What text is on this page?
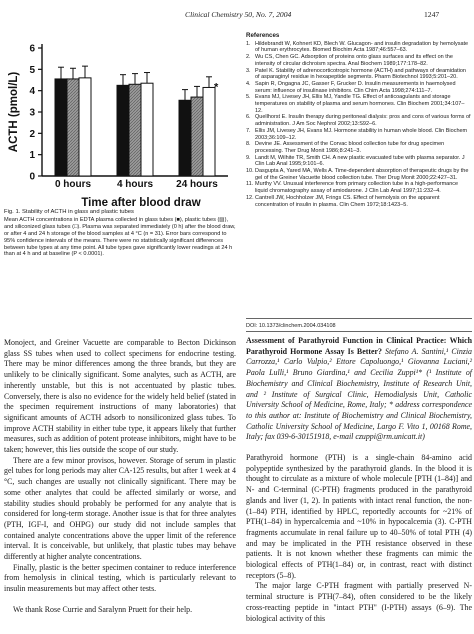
Clinical Chemistry 50, No. 7, 2004	1247
0
1
2
3
4
5
6
ACTH (pmol/L)
0 hours	4 hours 24 hours
*
Time after blood draw
Fig. 1. Stability of ACTH in glass and plastic tubes
Mean ACTH concentrations in EDTA plasma collected in glass tubes (■), plastic tubes (▨), and siliconized glass tubes (□). Plasma was separated immediately (0 h) after the blood draw, or after 4 and 24 h storage of the blood samples at 4 °C (n = 31). Error bars correspond to 95% confidence intervals of the means. There were no statistically significant differences between tube types at any time point. All tube types gave significantly lower readings at 24 h than at 4 h and at baseline (P < 0.0001).
References
1. Hildebrandt W, Kohnert KD, Blech W. Glucagon- and insulin degradation by hemolysate of human erythrocytes. Biomed Biochim Acta 1987;46:557–63.
2. Wu CS, Chen GC. Adsorption of proteins onto glass surfaces and its effect on the intensity of circular dichroism spectra. Anal Biochem 1989;177:178–82.
3. Patel K. Stability of adrenocorticotropic hormone (ACTH) and pathways of deamidation of asparaginyl residue in hexapeptide segments. Pharm Biotechnol 1993;5:201–20.
4. Sapin R, Ongagna JC, Gasser F, Grucker D. Insulin measurements in haemolysed serum: influence of insulinase inhibitors. Clin Chim Acta 1998;274:111–7.
5. Evans MJ, Livesey JH, Ellis MJ, Yandle TG. Effect of anticoagulants and storage temperatures on stability of plasma and serum hormones. Clin Biochem 2001;34:107–12.
6. Quellhorst E. Insulin therapy during peritoneal dialysis: pros and cons of various forms of administration. J Am Soc Nephrol 2002;13:S92–6.
7. Ellis JM, Livesey JH, Evans MJ. Hormone stability in human whole blood. Clin Biochem 2003;36:109–12.
8. Devine JE. Assessment of the Corvac blood collection tube for drug specimen processing. Ther Drug Monit 1986;8:241–3.
9. Landt M, Wilhite TR, Smith CH. A new plastic evacuated tube with plasma separator. J Clin Lab Anal 1995;9:101–6.
10. Dasgupta A, Yared MA, Wells A. Time-dependent absorption of therapeutic drugs by the gel of the Greiner Vacuette blood collection tube. Ther Drug Monit 2000;22:427–31.
11. Murthy VV. Unusual interference from primary collection tube in a high-performance liquid chromatography assay of amiodarone. J Clin Lab Anal 1997;11:232–4.
12. Cantrell JW, Hochholzer JM, Frings CS. Effect of hemolysis on the apparent concentration of insulin in plasma. Clin Chem 1972;18:1423–5.
DOI: 10.1373/clinchem.2004.034108

Monoject, and Greiner Vacuette are comparable to Becton Dickinson glass SS tubes when used to collect specimens for endocrine testing. There may be minor differences among the three brands, but they are unlikely to be clinically significant. Some analytes, such as ACTH, are inherently unstable, but this is not accentuated by plastic tubes. Conversely, there is also no evidence for the widely held belief (stated in the specimen requirement instructions of many laboratories) that significant amounts of ACTH adsorb to nonsiliconized glass tubes. To improve ACTH stability in either tube type, it appears likely that further measures, such as addition of potent protease inhibitors, might have to be taken; however, this lies outside the scope of our study.

There are a few minor provisos, however. Storage of serum in plastic gel tubes for long periods may alter CA-125 results, but after 1 week at 4 °C, such changes are usually not clinically significant. There may be some other analytes that could be affected similarly or worse, and stability studies should probably be performed for any analyte that is considered for long-term storage. Another issue is that for three analytes (PTH, IGF-I, and OHPG) our study did not include samples that contained analyte concentrations above the upper limit of the reference interval. It is conceivable, but unlikely, that plastic tubes may behave differently at higher analyte concentrations.

Finally, plastic is the better specimen container to reduce interference from hemolysis in clinical testing, which is particularly relevant to insulin measurements but may affect other tests.

We thank Rose Currie and Saralynn Pruett for their help.

Assessment of Parathyroid Function in Clinical Practice: Which Parathyroid Hormone Assay Is Better? Stefano A. Santini,¹ Cinzia Carrozza,¹ Carlo Vulpio,² Ettore Capoluongo,¹ Giovanna Luciani,² Paola Lulli,¹ Bruno Giardina,¹ and Cecilia Zuppi¹* (¹ Institute of Biochemistry and Clinical Biochemistry, Institute of Research Unit, and ² Institute of Surgical Clinic, Hemodialysis Unit, Catholic University School of Medicine, Rome, Italy; * address correspondence to this author at: Institute of Biochemistry and Clinical Biochemistry, Catholic University School of Medicine, Largo F. Vito 1, 00168 Rome, Italy; fax 039-6-30151918, e-mail czuppi@rm.unicatt.it)

Parathyroid hormone (PTH) is a single-chain 84-amino acid polypeptide synthesized by the parathyroid glands. In the blood it is thought to circulate as a mixture of whole molecule [PTH (1–84)] and N- and C-terminal (C-PTH) fragments produced in the parathyroid glands and liver (1, 2). In patients with intact renal function, the non-(1–84) PTH, identified by HPLC, reportedly accounts for ~21% of PTH(1–84) in hypercalcemia and ~10% in hypocalcemia (3). C-PTH fragments accumulate in renal failure up to 40–50% of total PTH (4) and may be implicated in the PTH resistance observed in these patients. It is not known whether these fragments can mimic the biological effects of PTH(1–84) or, in contrast, react with distinct receptors (5–8).

The major large C-PTH fragment with partially preserved N-terminal structure is PTH(7–84), often considered to be the likely cross-reacting peptide in "intact PTH" (I-PTH) assays (6–9). The biological activity of this
